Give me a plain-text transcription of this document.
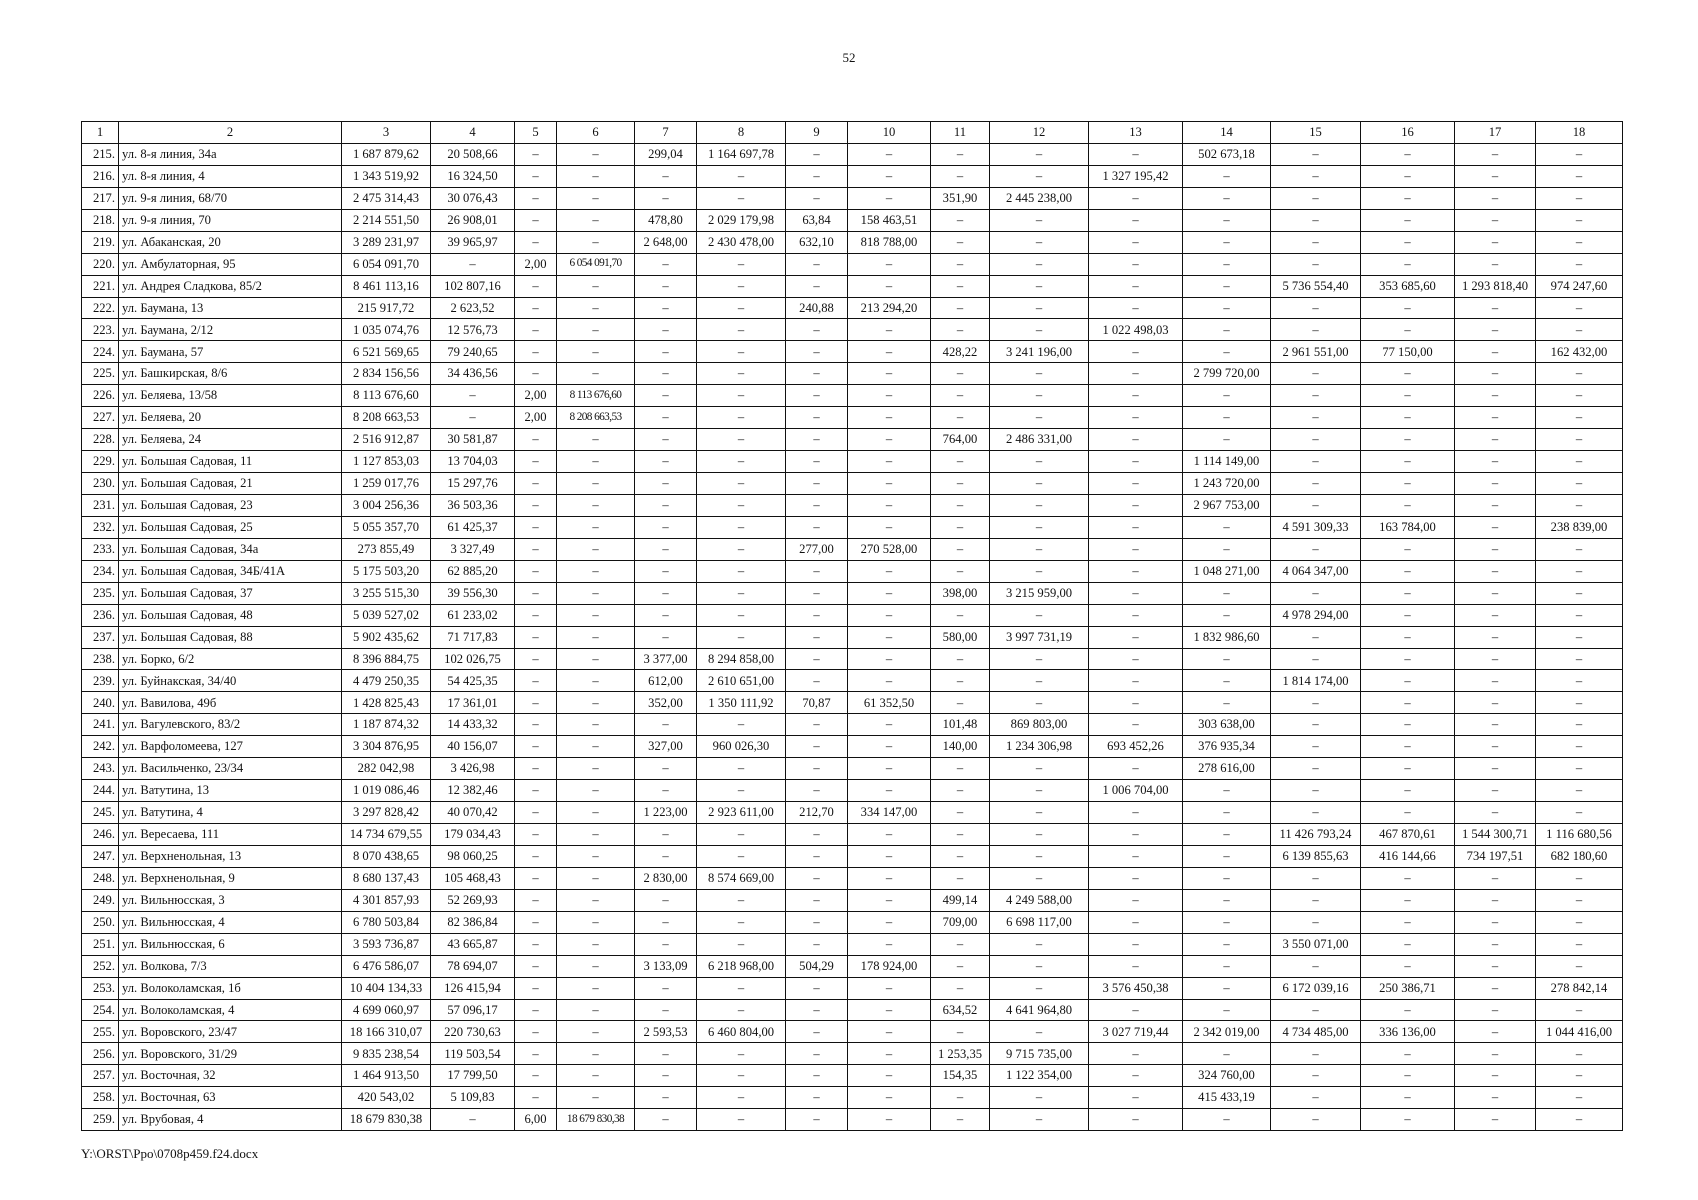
52
1	2	3	4	5	6	7	8	9	10	11	12	13	14	15	16	17	18
215.	ул. 8-я линия, 34а	1 687 879,62	20 508,66	–	–	299,04	1 164 697,78	–	–	–	–	–	502 673,18	–	–	–	–
216.	ул. 8-я линия, 4	1 343 519,92	16 324,50	–	–	–	–	–	–	–	–	1 327 195,42	–	–	–	–	–
217.	ул. 9-я линия, 68/70	2 475 314,43	30 076,43	–	–	–	–	–	–	351,90	2 445 238,00	–	–	–	–	–	–
218.	ул. 9-я линия, 70	2 214 551,50	26 908,01	–	–	478,80	2 029 179,98	63,84	158 463,51	–	–	–	–	–	–	–	–
219.	ул. Абаканская, 20	3 289 231,97	39 965,97	–	–	2 648,00	2 430 478,00	632,10	818 788,00	–	–	–	–	–	–	–	–
220.	ул. Амбулаторная, 95	6 054 091,70	–	2,00	6 054 091,70	–	–	–	–	–	–	–	–	–	–	–	–
221.	ул. Андрея Сладкова, 85/2	8 461 113,16	102 807,16	–	–	–	–	–	–	–	–	–	–	5 736 554,40	353 685,60	1 293 818,40	974 247,60
222.	ул. Баумана, 13	215 917,72	2 623,52	–	–	–	–	240,88	213 294,20	–	–	–	–	–	–	–	–
223.	ул. Баумана, 2/12	1 035 074,76	12 576,73	–	–	–	–	–	–	–	–	1 022 498,03	–	–	–	–	–
224.	ул. Баумана, 57	6 521 569,65	79 240,65	–	–	–	–	–	–	428,22	3 241 196,00	–	–	2 961 551,00	77 150,00	–	162 432,00
225.	ул. Башкирская, 8/6	2 834 156,56	34 436,56	–	–	–	–	–	–	–	–	–	2 799 720,00	–	–	–	–
226.	ул. Беляева, 13/58	8 113 676,60	–	2,00	8 113 676,60	–	–	–	–	–	–	–	–	–	–	–	–
227.	ул. Беляева, 20	8 208 663,53	–	2,00	8 208 663,53	–	–	–	–	–	–	–	–	–	–	–	–
228.	ул. Беляева, 24	2 516 912,87	30 581,87	–	–	–	–	–	–	764,00	2 486 331,00	–	–	–	–	–	–
229.	ул. Большая Садовая, 11	1 127 853,03	13 704,03	–	–	–	–	–	–	–	–	–	1 114 149,00	–	–	–	–
230.	ул. Большая Садовая, 21	1 259 017,76	15 297,76	–	–	–	–	–	–	–	–	–	1 243 720,00	–	–	–	–
231.	ул. Большая Садовая, 23	3 004 256,36	36 503,36	–	–	–	–	–	–	–	–	–	2 967 753,00	–	–	–	–
232.	ул. Большая Садовая, 25	5 055 357,70	61 425,37	–	–	–	–	–	–	–	–	–	–	4 591 309,33	163 784,00	–	238 839,00
233.	ул. Большая Садовая, 34а	273 855,49	3 327,49	–	–	–	–	277,00	270 528,00	–	–	–	–	–	–	–	–
234.	ул. Большая Садовая, 34Б/41А	5 175 503,20	62 885,20	–	–	–	–	–	–	–	–	–	1 048 271,00	4 064 347,00	–	–	–
235.	ул. Большая Садовая, 37	3 255 515,30	39 556,30	–	–	–	–	–	–	398,00	3 215 959,00	–	–	–	–	–	–
236.	ул. Большая Садовая, 48	5 039 527,02	61 233,02	–	–	–	–	–	–	–	–	–	–	4 978 294,00	–	–	–
237.	ул. Большая Садовая, 88	5 902 435,62	71 717,83	–	–	–	–	–	–	580,00	3 997 731,19	–	1 832 986,60	–	–	–	–
238.	ул. Борко, 6/2	8 396 884,75	102 026,75	–	–	3 377,00	8 294 858,00	–	–	–	–	–	–	–	–	–	–
239.	ул. Буйнакская, 34/40	4 479 250,35	54 425,35	–	–	612,00	2 610 651,00	–	–	–	–	–	–	1 814 174,00	–	–	–
240.	ул. Вавилова, 49б	1 428 825,43	17 361,01	–	–	352,00	1 350 111,92	70,87	61 352,50	–	–	–	–	–	–	–	–
241.	ул. Вагулевского, 83/2	1 187 874,32	14 433,32	–	–	–	–	–	–	101,48	869 803,00	–	303 638,00	–	–	–	–
242.	ул. Варфоломеева, 127	3 304 876,95	40 156,07	–	–	327,00	960 026,30	–	–	140,00	1 234 306,98	693 452,26	376 935,34	–	–	–	–
243.	ул. Васильченко, 23/34	282 042,98	3 426,98	–	–	–	–	–	–	–	–	–	278 616,00	–	–	–	–
244.	ул. Ватутина, 13	1 019 086,46	12 382,46	–	–	–	–	–	–	–	–	1 006 704,00	–	–	–	–	–
245.	ул. Ватутина, 4	3 297 828,42	40 070,42	–	–	1 223,00	2 923 611,00	212,70	334 147,00	–	–	–	–	–	–	–	–
246.	ул. Вересаева, 111	14 734 679,55	179 034,43	–	–	–	–	–	–	–	–	–	–	11 426 793,24	467 870,61	1 544 300,71	1 116 680,56
247.	ул. Верхненольная, 13	8 070 438,65	98 060,25	–	–	–	–	–	–	–	–	–	–	6 139 855,63	416 144,66	734 197,51	682 180,60
248.	ул. Верхненольная, 9	8 680 137,43	105 468,43	–	–	2 830,00	8 574 669,00	–	–	–	–	–	–	–	–	–	–
249.	ул. Вильнюсская, 3	4 301 857,93	52 269,93	–	–	–	–	–	–	499,14	4 249 588,00	–	–	–	–	–	–
250.	ул. Вильнюсская, 4	6 780 503,84	82 386,84	–	–	–	–	–	–	709,00	6 698 117,00	–	–	–	–	–	–
251.	ул. Вильнюсская, 6	3 593 736,87	43 665,87	–	–	–	–	–	–	–	–	–	–	3 550 071,00	–	–	–
252.	ул. Волкова, 7/3	6 476 586,07	78 694,07	–	–	3 133,09	6 218 968,00	504,29	178 924,00	–	–	–	–	–	–	–	–
253.	ул. Волоколамская, 1б	10 404 134,33	126 415,94	–	–	–	–	–	–	–	–	3 576 450,38	–	6 172 039,16	250 386,71	–	278 842,14
254.	ул. Волоколамская, 4	4 699 060,97	57 096,17	–	–	–	–	–	–	634,52	4 641 964,80	–	–	–	–	–	–
255.	ул. Воровского, 23/47	18 166 310,07	220 730,63	–	–	2 593,53	6 460 804,00	–	–	–	–	3 027 719,44	2 342 019,00	4 734 485,00	336 136,00	–	1 044 416,00
256.	ул. Воровского, 31/29	9 835 238,54	119 503,54	–	–	–	–	–	–	1 253,35	9 715 735,00	–	–	–	–	–	–
257.	ул. Восточная, 32	1 464 913,50	17 799,50	–	–	–	–	–	–	154,35	1 122 354,00	–	324 760,00	–	–	–	–
258.	ул. Восточная, 63	420 543,02	5 109,83	–	–	–	–	–	–	–	–	–	415 433,19	–	–	–	–
259.	ул. Врубовая, 4	18 679 830,38	–	6,00	18 679 830,38	–	–	–	–	–	–	–	–	–	–	–	–
Y:\ORST\Ppo\0708p459.f24.docx
